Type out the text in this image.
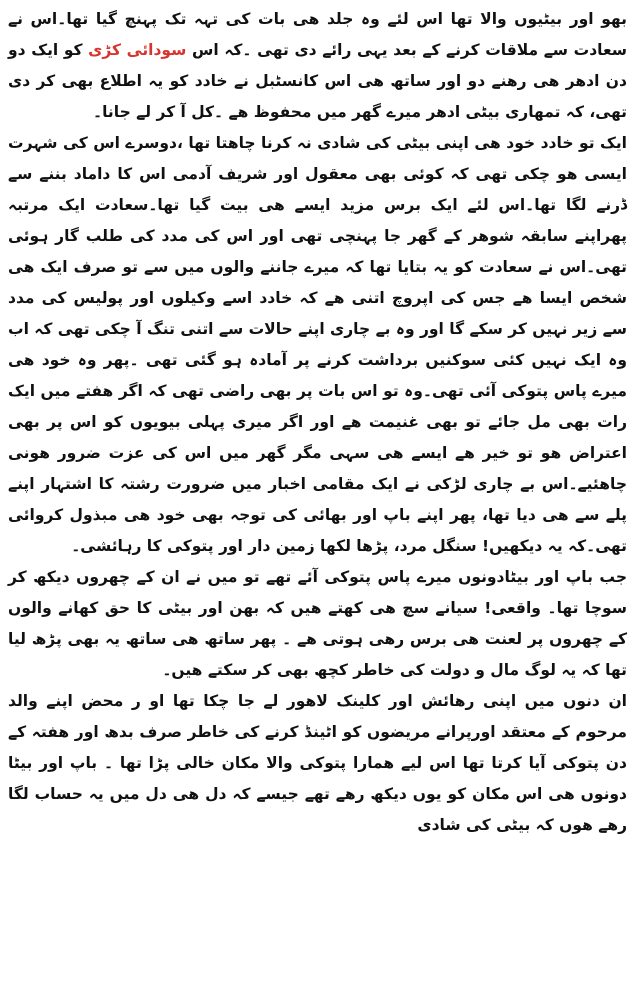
بھو اور بیٹیوں والا تھا اس لئے وہ جلد ھی بات کی تہہ تک پہنچ گیا تھا۔اس نے سعادت سے ملاقات کرنے کے بعد یہی رائے دی تھی ۔کہ اس سودائی کڑی کو ایک دو دن ادھر ھی رھنے دو اور ساتھ ھی اس کانسٹبل نے خادد کو یہ اطلاع بھی کر دی تھی، کہ تمھاری بیٹی ادھر میرے گھر میں محفوظ ھے ۔کل آ کر لے جانا۔

ایک تو خادد خود ھی اپنی بیٹی کی شادی نہ کرنا چاھتا تھا ،دوسرے اس کی شہرت ایسی ھو چکی تھی کہ کوئی بھی معقول اور شریف آدمی اس کا داماد بننے سے ڈرنے لگا تھا۔اس لئے ایک برس مزید ایسے ھی بیت گیا تھا۔سعادت ایک مرتبہ پھراپنے سابقہ شوھر کے گھر جا پہنچی تھی اور اس کی مدد کی طلب گار ہوئی تھی۔اس نے سعادت کو یہ بتایا تھا کہ میرے جاننے والوں میں سے تو صرف ایک ھی شخص ایسا ھے جس کی اپروچ اتنی ھے کہ خادد اسے وکیلوں اور پولیس کی مدد سے زیر نہیں کر سکے گا اور وہ بے چاری اپنے حالات سے اتنی تنگ آ چکی تھی کہ اب وہ ایک نہیں کئی سوکنیں برداشت کرنے پر آمادہ ہو گئی تھی ۔پھر وہ خود ھی میرے پاس پتوکی آئی تھی۔وہ تو اس بات پر بھی راضی تھی کہ اگر ھفتے میں ایک رات بھی مل جائے تو بھی غنیمت ھے اور اگر میری پہلی بیویوں کو اس پر بھی اعتراض ھو تو خیر ھے ایسے ھی سہی مگر گھر میں اس کی عزت ضرور ھونی چاھئیے۔اس بے چاری لڑکی نے ایک مقامی اخبار میں ضرورت رشتہ کا اشتہار اپنے پلے سے ھی دیا تھا، پھر اپنے باپ اور بھائی کی توجہ بھی خود ھی مبذول کروائی تھی۔کہ یہ دیکھیں! سنگل مرد، پڑھا لکھا زمین دار اور پتوکی کا رہائشی۔

جب باپ اور بیٹادونوں میرے پاس پتوکی آئے تھے تو میں نے ان کے چھروں دیکھ کر سوچا تھا۔ واقعی! سیانے سچ ھی کھتے ھیں کہ بھن اور بیٹی کا حق کھانے والوں کے چھروں پر لعنت ھی برس رھی ہوتی ھے ۔ پھر ساتھ ھی ساتھ یہ بھی پڑھ لیا تھا کہ یہ لوگ مال و دولت کی خاطر کچھ بھی کر سکتے ھیں۔

ان دنوں میں اپنی رھائش اور کلینک لاھور لے جا چکا تھا او ر محض اپنے والد مرحوم کے معتقد اورپرانے مریضوں کو اٹینڈ کرنے کی خاطر صرف بدھ اور ھفتہ کے دن پتوکی آیا کرتا تھا اس لیے ھمارا پتوکی والا مکان خالی پڑا تھا ۔ باپ اور بیٹا دونوں ھی اس مکان کو یوں دیکھ رھے تھے جیسے کہ دل ھی دل میں یہ حساب لگا رھے ھوں کہ بیٹی کی شادی
